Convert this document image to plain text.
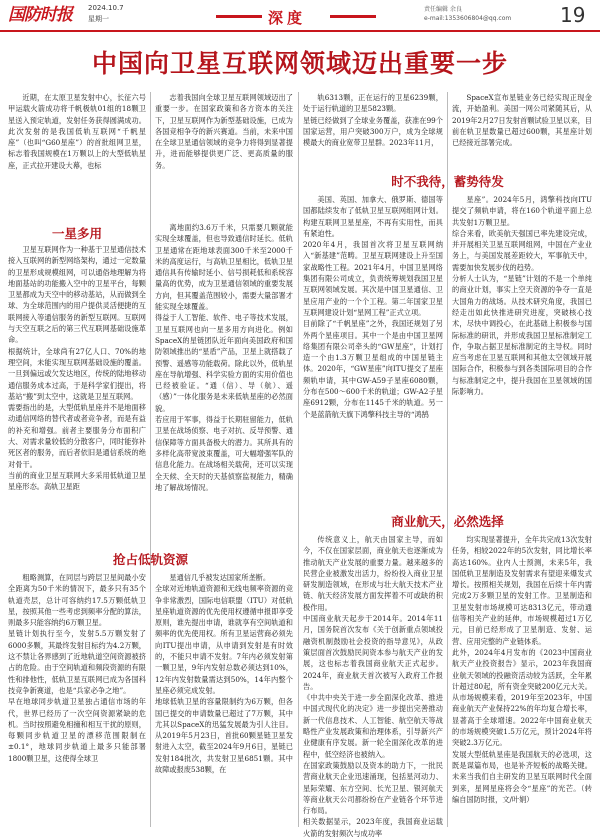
国防时报	2024.10.7
星期一	深度	责任编辑 余良
e-mail:1353606804@qq.com 19
中国向卫星互联网领域迈出重要一步
近期，在太原卫星发射中心，长征六号甲运载火箭成功将千帆极轨01组的18颗卫星送入预定轨道，发射任务获得圆满成功。此次发射的是我国低轨互联网“千帆星座”（也叫“G60星座”）的首批组网卫星，标志着我国规模在1万颗以上的大型低轨星座，正式拉开建设大幕，也标
志着我国向全球卫星互联网领域迈出了重要一步。在国家政策和各方资本的关注下，卫星互联网作为新型基础设施，已成为各国竞相争夺的新兴赛道。当前，未来中国在全球卫星通信领域的竞争力将得到显著提升，进而能够提供更广泛、更高质量的服务。
轨6313颗，正在运行的卫星6239颗，处于运行轨道的卫星5823颗。
星链已经做到了全球业务覆盖，获准在99个国家运营，用户突破300万户，成为全球规模最大的商业宽带卫星群。2023年11月，
SpaceX宣布星链业务已经实现正现金流，开始盈利。美国一网公司紧随其后，从2019年2月27日发射首颗试验卫星以来，目前在轨卫星数量已超过600颗，其星座计划已经接近部署完成。
一星多用
卫星互联网作为一种基于卫星通信技术接入互联网的新型网络架构，通过一定数量的卫星形成规模组网，可以通俗地理解为将地面基站的功能搬入空中的卫星平台，每颗卫星都成为天空中的移动基站，从而做到全球、为全球范围内的用户提供灵活便捷的互联网接入等通信服务的新型互联网。互联网与天空互联之后的第三代互联网基础设施革命。
根据统计，全球尚有27亿人口、70%的地理空间，未能实现互联网基础设施的覆盖。一旦到偏远或欠发达地区，传统的陆地移动通信服务成本过高，于是科学家们提出，将基站“搬”到太空中，这就是卫星互联网。
需要指出的是，大型低轨星座并不是地面移动通信网络的替代者或者竞争者，而是有益的补充和增强。前者主要服务分布面积广大、对需求量较低的分散客户，同时能弥补死区者的服务，而后者依旧是通信系统的绝对骨干。
当前的商业卫星互联网大多采用低轨道卫星星座形态。高轨卫星距
离地面约3.6万千米，只需要几颗就能实现全球覆盖，但也导致通信时延长。低轨卫星通常在距地球表面300千米至2000千米的高度运行，与高轨卫星相比，低轨卫星通信具有传输时延小、信号损耗低和系统容量高的优势，成为卫星通信领域的重要发展方向，但其覆盖范围较小，需要大量部署才能实现全球覆盖。
得益于人工智能、软件、电子等技术发展，卫星互联网也向一星多用方向进化。例如SpaceX的星链团队近年面向美国政府和国防领域推出的“星盾”产品，卫星上就搭载了预警、遥感等功能载荷。除此以外，低轨星座在导航增强、科学实验方面的实用价值也已经被验证。“通（信）、导（航）、遥（感）”一体化服务是未来低轨星座的必然面貌。
若应用于军事，得益于长期驻留能力，低轨卫星在战场侦察、电子对抗、反导预警、通信保障等方面具备极大的潜力。其所具有的多样化高带宽波束覆盖，可大幅增强军队的信息化能力。在战场相关载荷，还可以实现全天候、全天时的天基侦察监视能力，精确地了解战场情况。
时不我待，蓄势待发
美国、英国、加拿大、俄罗斯、德国等国都陆续发布了低轨卫星互联网组网计划。构建互联网卫星星座，不再有实用性，而具有紧迫性。
2020年4月，我国首次将卫星互联网纳入“新基建”范畴。卫星互联网建设上升至国家战略性工程。2021年4月，中国卫星网络集团有限公司成立，负责统筹规划我国卫星互联网领域发展。其次是中国卫星通信、卫星应用产业的一个个工程。第二年国家卫星互联网建设计划“星网工程”正式立项。
目前除了“千帆星座”之外，我国还规划了另外两个星座项目。其中一个是由中国卫星网络集团有限公司牵头的“GW星座”，计划打造一个由1.3万颗卫星组成的中国星链主体。2020年，“GW星座”向ITU提交了星座频轨申请，其中GW-A59子星座6080颗，分布在500～600千米的轨道；GW-A2子星座6912颗，分布在1145千米的轨道。另一个是蓝箭航天旗下鸿擎科技主导的“鸿鹄
星座”。2024年5月，鸿擎科技向ITU提交了频轨申请，将在160个轨道平面上总共发射1万颗卫星。
综合来看，欧美航天强国已率先建设完成，并开展相关卫星互联网组网，中国在产业业务上，与美国发展差距较大，军事航天中，需要加快发展步伐的趋势。
分析人士认为，“星链”计划的不是一个单纯的商业计划，事实上空天资源的争夺一直是大国角力的战场。从技术研究角度，我国已经走出如此快推进研究进度，突破核心技术，尽快中调投心，在此基础上积极参与国际标准的研讯，并形成我国卫星标准制定工作，争取占据卫星标准制定的主导权。同时应当考虑在卫星互联网和其他太空领域开展国际合作，积极参与到各类国际项目的合作与标准制定之中，提升我国在卫星领域的国际影响力。
抢占低轨资源
粗略测算，在同层与跨层卫星间最小安全距离为50千米的情况下，最多只有35个轨道壳层，总计可容纳约17.5万颗低轨卫星，按照其他一些考虑到频率分配的算法，则最多只能容纳约6万颗卫星。
星链计划执行至今，发射5.5万颗发射了6000多颗，其最终发射目标约为4.2万颗，这不禁让各界感到了近地轨道空间资源被挤占的危险。由于空间轨道和频段资源的有限性和排他性，低轨卫星互联网已成为各国科技竞争新赛道，也是“兵家必争之地”。
早在地球同步轨道卫星独占通信市场的年代，世界已经历了一次空间资源紧缺的危机。当时按照避免相撞和相互干扰的原则，每颗同步轨道卫星的漂移范围限制在±0.1°，地球同步轨道上最多只能部署1800颗卫星，这使得全球卫
星通信几乎被发达国家所垄断。
全球对近地轨道资源和无线电频率资源的竞争非常激烈，国际电信联盟（ITU）对低轨星座轨道资源的优先使用权遵循申报即享受原则，谁先提出申请，谁就享有空间轨道和频率的优先使用权。所有卫星运营商必须先向ITU提出申请，从申请到发射是有时效的，不能只申请不发射。7年内必须发射第一颗卫星，9年内发射总数必须达到10%，12年内发射数量需达到50%，14年内整个星座必须完成发射。
地球低轨卫星的容量限制约为6万颗，但各国已提交的申请数量已超过了7万颗，其中尤其以SpaceX的迅猛发展最为引人注目。从2019年5月23日，首批60颗星链卫星发射进入太空，截至2024年9月6日，星链已发射184批次，共发射卫星6851颗。其中故障或报废538颗，在
商业航天，必然选择
传统意义上，航天由国家主导，而如今，不仅在国家层面，商业航天也逐渐成为推动航天产业发展的重要力量。越来越多的民营企业被激发出活力，纷纷投入商业卫星研发制造领域，在形成与壮大航天技术产业链、航天经济发展方面发挥着不可或缺的积极作用。
中国商业航天起步于2014年。2014年11月，国务院首次发布《关于创新重点领域投融资机制鼓励社会投资的指导意见》，从政策层面首次鼓励民间资本参与航天产业的发展，这也标志着我国商业航天正式起步。2024年，商业航天首次被写入政府工作报告。
《中共中央关于进一步全面深化改革、推进中国式现代化的决定》进一步提出完善推动新一代信息技术、人工智能、航空航天等战略性产业发展政策和治理体系，引导新兴产业健康有序发展。新一轮全面深化改革的进程中，低空经济也被纳入。
在国家政策鼓励以及资本的助力下，一批民营商业航天企业迅速涌现，包括星河动力、星际荣耀、东方空间、长光卫星、银河航天等商业航天公司都纷纷在产业链各个环节进行布局。
相关数据显示，2023年度，我国商业运载火箭的发射频次与成功率
均实现显著提升，全年共完成13次发射任务，相较2022年的5次发射，同比增长率高达160%。业内人士预测，未来5年，我国低轨卫星制造及发射需求有望迎来爆发式增长。按照相关规划，我国在后续十年内需完成2万多颗卫星的发射工作。卫星制造和卫星发射市场规模可达8313亿元，带动通信等相关产业的延伸，市场规模超过1万亿元，目前已经形成了卫星制造、发射、运营、应用完整的产业链体系。
此外，2024年4月发布的《2023中国商业航天产业投资报告》显示，2023年我国商业航天领域的投融资活动较为活跃，全年累计超过80起，所有资金突破200亿元大关。从市场规模来看，2019年至2023年，中国商业航天产业保持22%的年均复合增长率，显著高于全球增速。2022年中国商业航天的市场规模突破1.5万亿元，预计2024年将突破2.3万亿元。
发展大型低轨星座是我国航天的必选项，这既是谋篇布局，也是补齐短板的战略关键。未来当我们自主研发的卫星互联网时代全面到来，星网星座将会令“星座”的光芒。（转编自国防时报，文/叶娟）
